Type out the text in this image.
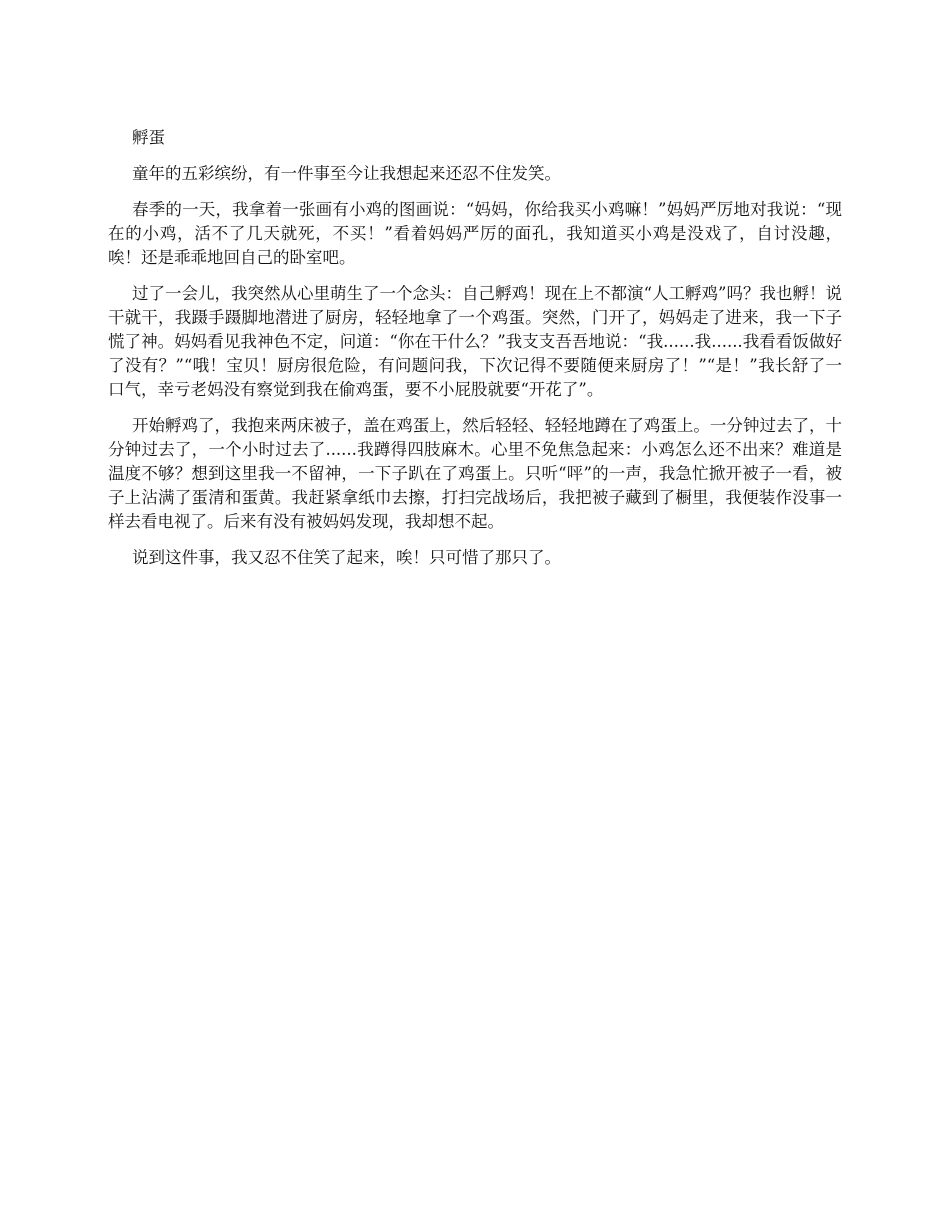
孵蛋

童年的五彩缤纷，有一件事至今让我想起来还忍不住发笑。

春季的一天，我拿着一张画有小鸡的图画说：“妈妈，你给我买小鸡嘛！”妈妈严厉地对我说：“现在的小鸡，活不了几天就死，不买！”看着妈妈严厉的面孔，我知道买小鸡是没戏了，自讨没趣，唉！还是乖乖地回自己的卧室吧。

过了一会儿，我突然从心里萌生了一个念头：自己孵鸡！现在上不都演“人工孵鸡”吗？我也孵！说干就干，我蹑手蹑脚地潜进了厨房，轻轻地拿了一个鸡蛋。突然，门开了，妈妈走了进来，我一下子慌了神。妈妈看见我神色不定，问道：“你在干什么？”我支支吾吾地说：“我......我......我看看饭做好了没有？”“哦！宝贝！厨房很危险，有问题问我，下次记得不要随便来厨房了！”“是！”我长舒了一口气，幸亏老妈没有察觉到我在偷鸡蛋，要不小屁股就要“开花了”。

开始孵鸡了，我抱来两床被子，盖在鸡蛋上，然后轻轻、轻轻地蹲在了鸡蛋上。一分钟过去了，十分钟过去了，一个小时过去了......我蹲得四肢麻木。心里不免焦急起来：小鸡怎么还不出来？难道是温度不够？想到这里我一不留神，一下子趴在了鸡蛋上。只听“呯”的一声，我急忙掀开被子一看，被子上沾满了蛋清和蛋黄。我赶紧拿纸巾去擦，打扫完战场后，我把被子藏到了橱里，我便装作没事一样去看电视了。后来有没有被妈妈发现，我却想不起。

说到这件事，我又忍不住笑了起来，唉！只可惜了那只了。
